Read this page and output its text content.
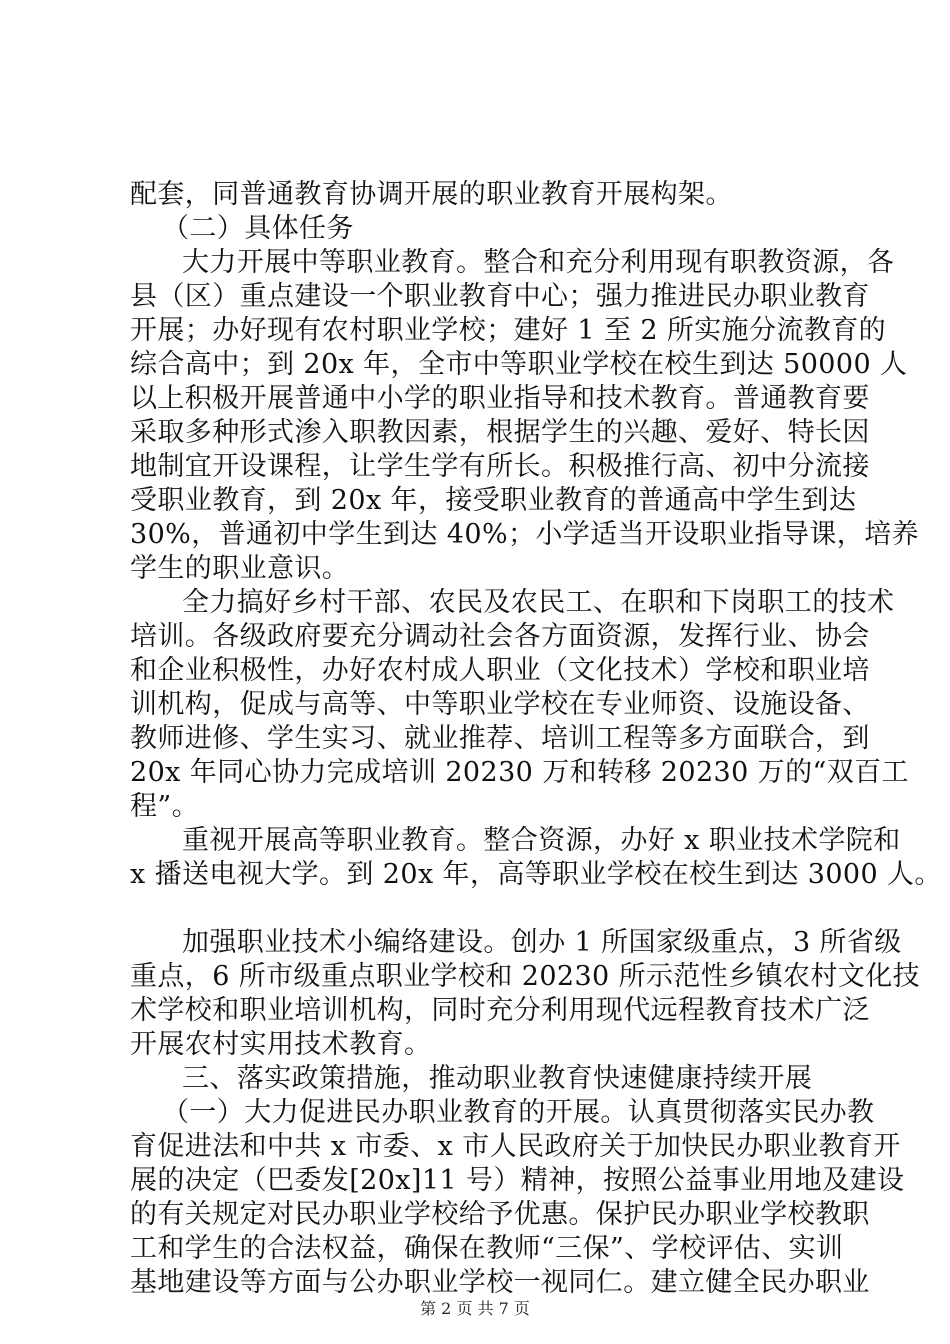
配套，同普通教育协调开展的职业教育开展构架。
（二）具体任务
大力开展中等职业教育。整合和充分利用现有职教资源，各
县（区）重点建设一个职业教育中心；强力推进民办职业教育
开展；办好现有农村职业学校；建好 1 至 2 所实施分流教育的
综合高中；到 20x 年，全市中等职业学校在校生到达 50000 人
以上积极开展普通中小学的职业指导和技术教育。普通教育要
采取多种形式渗入职教因素，根据学生的兴趣、爱好、特长因
地制宜开设课程，让学生学有所长。积极推行高、初中分流接
受职业教育，到 20x 年，接受职业教育的普通高中学生到达
30%，普通初中学生到达 40%；小学适当开设职业指导课，培养
学生的职业意识。
全力搞好乡村干部、农民及农民工、在职和下岗职工的技术
培训。各级政府要充分调动社会各方面资源，发挥行业、协会
和企业积极性，办好农村成人职业（文化技术）学校和职业培
训机构，促成与高等、中等职业学校在专业师资、设施设备、
教师进修、学生实习、就业推荐、培训工程等多方面联合，到
20x 年同心协力完成培训 20230 万和转移 20230 万的“双百工
程”。
重视开展高等职业教育。整合资源，办好 x 职业技术学院和
x 播送电视大学。到 20x 年，高等职业学校在校生到达 3000 人。
加强职业技术小编络建设。创办 1 所国家级重点，3 所省级
重点，6 所市级重点职业学校和 20230 所示范性乡镇农村文化技
术学校和职业培训机构，同时充分利用现代远程教育技术广泛
开展农村实用技术教育。
三、落实政策措施，推动职业教育快速健康持续开展
（一）大力促进民办职业教育的开展。认真贯彻落实民办教
育促进法和中共 x 市委、x 市人民政府关于加快民办职业教育开
展的决定（巴委发[20x]11 号）精神，按照公益事业用地及建设
的有关规定对民办职业学校给予优惠。保护民办职业学校教职
工和学生的合法权益，确保在教师“三保”、学校评估、实训
基地建设等方面与公办职业学校一视同仁。建立健全民办职业
第 2 页 共 7 页
